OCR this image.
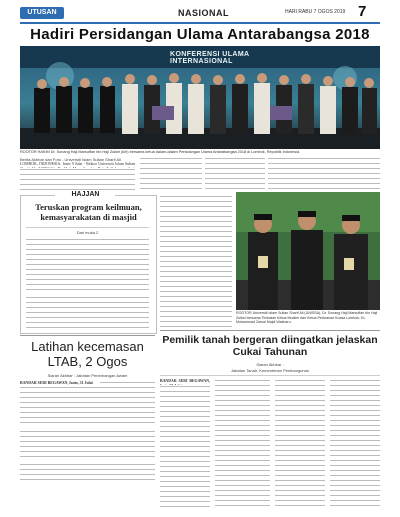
UTUSAN	NASIONAL	HARI RABU 7 OGOS 2019 7
Hadiri Persidangan Ulama Antarabangsa 2018
KONFERENSI ULAMA INTERNASIONAL
ROOTOR HAKIM Dr. Sonang Haji Marsuffan bin Haji Zulkel (kiri) bersama ketua dalam-dalam Persidangan Ulama Antarabangsa 2018 di Lombok, Republik Indonesia.
Berita Akhbar dan Foto - Universiti Islam Sultan Sharif Ali
LOMBOK, INDONESIA, Isnin 9 Julai - Rektor Universiti Islam Sultan
HAJJAN
Teruskan program keilmuan, kemasyarakatan di masjid
Dari muka 2
ROOTOR Universiti Islam Sultan Sharif Ali (UNISSA), Dr. Sonang Haji Marsuffan bin Haji Zulkel bersama Timbalan Ketua Mualim dan Ketua Pertuanan Kuasa Lombok, KL Mohammad Zainal Majdi Wakharu.
Pemilik tanah bergeran diingatkan jelaskan Cukai Tahunan
Siaran Akhbar :
Jabatan Tanah, Kementerian Pembangunan
BANDAR SERI BEGAWAN,
Latihan kecemasan LTAB, 2 Ogos
Siaran Akhbar : Jabatan Penerbangan Awam
BANDAR SERI BEGAWAN, Isnin, 31 Julai
